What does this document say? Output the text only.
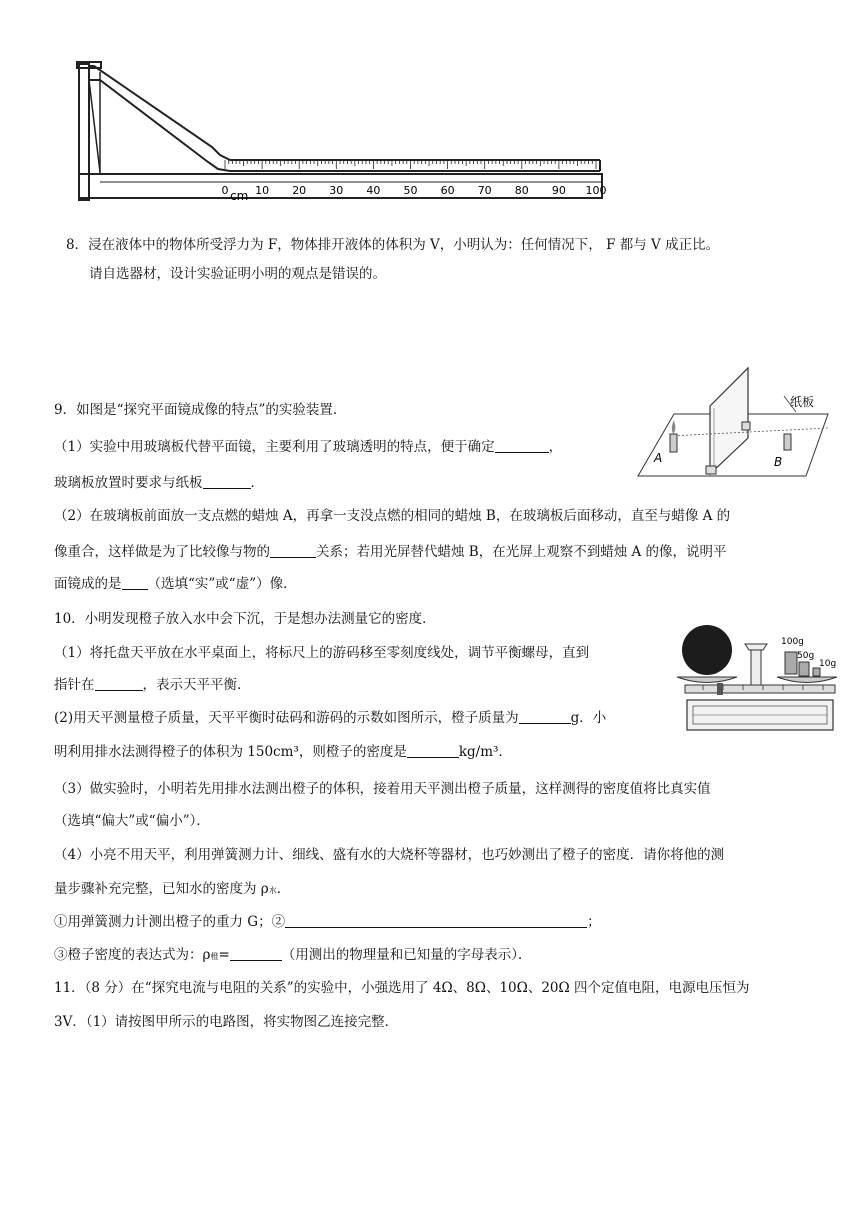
0 10 20 30 40 50 60 70 80 90 100
cm
8．浸在液体中的物体所受浮力为 F，物体排开液体的体积为 V，小明认为：任何情况下， F 都与 V 成正比。
请自选器材，设计实验证明小明的观点是错误的。
A	B
纸板
9．如图是“探究平面镜成像的特点”的实验装置．
（1）实验中用玻璃板代替平面镜，主要利用了玻璃透明的特点，便于确定	，
玻璃板放置时要求与纸板	．
（2）在玻璃板前面放一支点燃的蜡烛 A，再拿一支没点燃的相同的蜡烛 B，在玻璃板后面移动，直至与蜡像 A 的
像重合，这样做是为了比较像与物的	关系；若用光屏替代蜡烛 B，在光屏上观察不到蜡烛 A 的像，说明平
面镜成的是 （选填“实”或“虚”）像．
100g
50g
10g
10．小明发现橙子放入水中会下沉，于是想办法测量它的密度．
（1）将托盘天平放在水平桌面上，将标尺上的游码移至零刻度线处，调节平衡螺母，直到
指针在	，表示天平平衡．
(2)用天平测量橙子质量，天平平衡时砝码和游码的示数如图所示，橙子质量为	g．小
明利用排水法测得橙子的体积为 150cm³，则橙子的密度是	kg/m³．
（3）做实验时，小明若先用排水法测出橙子的体积，接着用天平测出橙子质量，这样测得的密度值将比真实值
（选填“偏大”或“偏小”）．
（4）小亮不用天平，利用弹簧测力计、细线、盛有水的大烧杯等器材，也巧妙测出了橙子的密度．请你将他的测
量步骤补充完整，已知水的密度为 ρ水．
①用弹簧测力计测出橙子的重力 G；②	；
③橙子密度的表达式为：ρ橙=	（用测出的物理量和已知量的字母表示）．
11．（8 分）在“探究电流与电阻的关系”的实验中，小强选用了 4Ω、8Ω、10Ω、20Ω 四个定值电阻，电源电压恒为
3V．（1）请按图甲所示的电路图，将实物图乙连接完整．
